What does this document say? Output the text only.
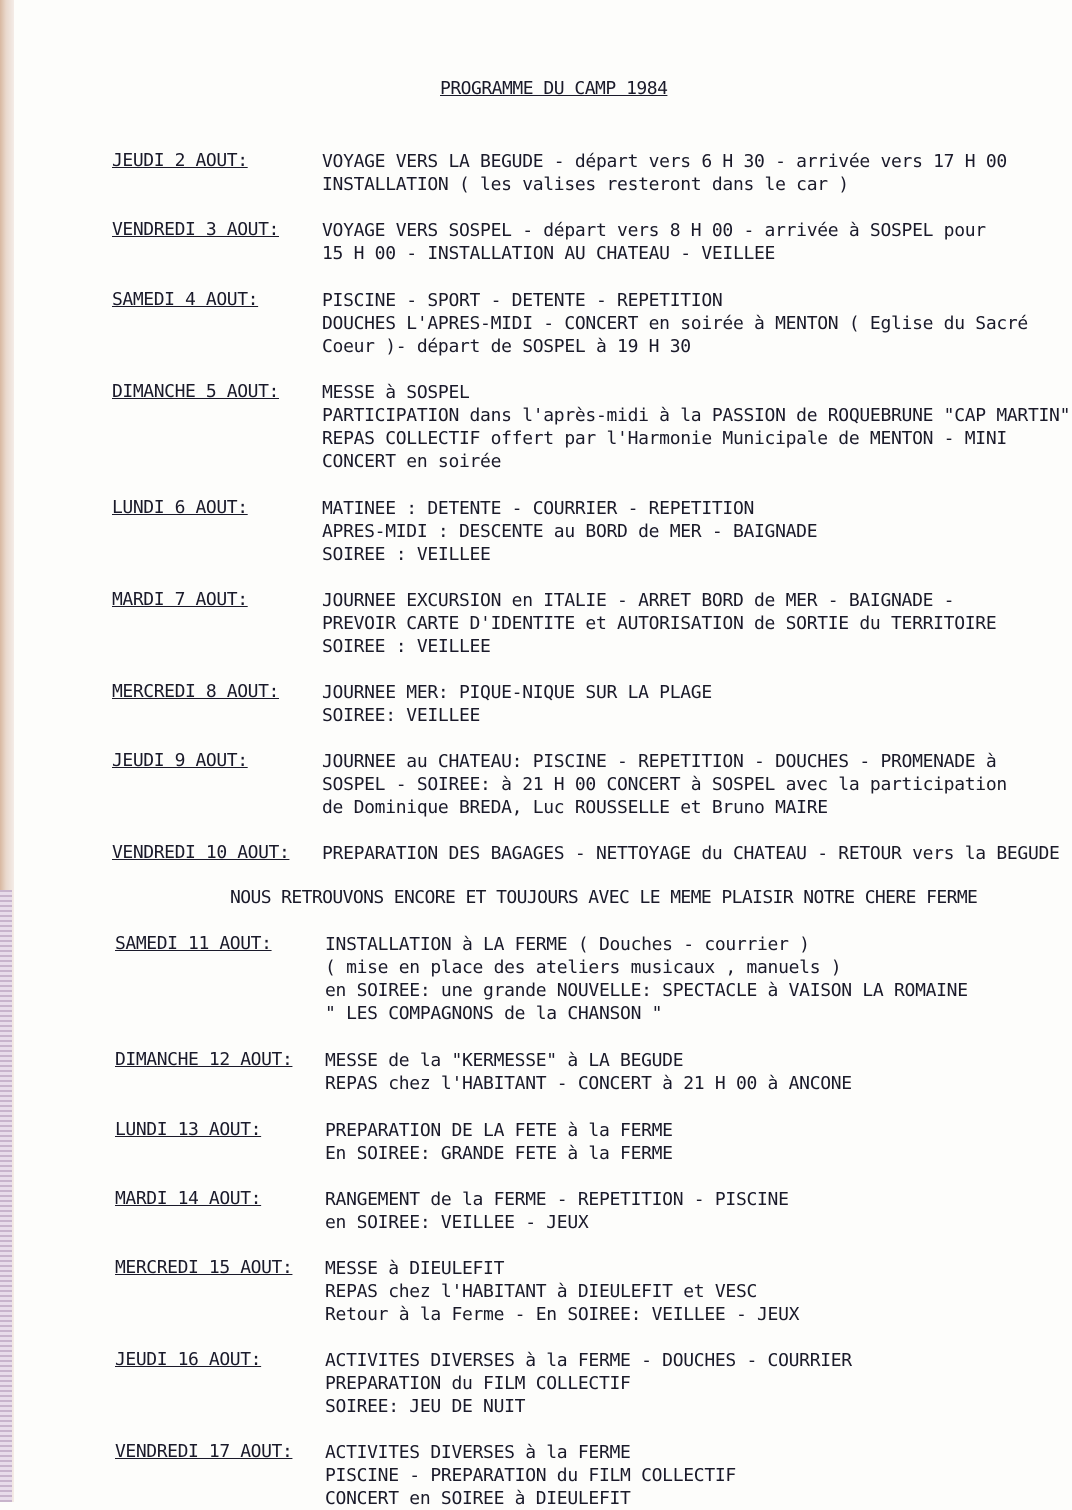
PROGRAMME DU CAMP 1984
JEUDI 2 AOUT:	VOYAGE VERS LA BEGUDE - départ vers 6 H 30 - arrivée vers 17 H 00
INSTALLATION ( les valises resteront dans le car )
VENDREDI 3 AOUT: VOYAGE VERS SOSPEL - départ vers 8 H 00 - arrivée à SOSPEL pour
15 H 00 - INSTALLATION AU CHATEAU - VEILLEE
SAMEDI 4 AOUT:	PISCINE - SPORT - DETENTE - REPETITION
DOUCHES L'APRES-MIDI - CONCERT en soirée à MENTON ( Eglise du Sacré
Coeur )- départ de SOSPEL à 19 H 30
DIMANCHE 5 AOUT: MESSE à SOSPEL
PARTICIPATION dans l'après-midi à la PASSION de ROQUEBRUNE "CAP MARTIN"
REPAS COLLECTIF offert par l'Harmonie Municipale de MENTON - MINI
CONCERT en soirée
LUNDI 6 AOUT:	MATINEE : DETENTE - COURRIER - REPETITION
APRES-MIDI : DESCENTE au BORD de MER - BAIGNADE
SOIREE : VEILLEE
MARDI 7 AOUT:	JOURNEE EXCURSION en ITALIE - ARRET BORD de MER - BAIGNADE -
PREVOIR CARTE D'IDENTITE et AUTORISATION de SORTIE du TERRITOIRE
SOIREE : VEILLEE
MERCREDI 8 AOUT: JOURNEE MER: PIQUE-NIQUE SUR LA PLAGE
SOIREE: VEILLEE
JEUDI 9 AOUT:	JOURNEE au CHATEAU: PISCINE - REPETITION - DOUCHES - PROMENADE à
SOSPEL - SOIREE: à 21 H 00 CONCERT à SOSPEL avec la participation
de Dominique BREDA, Luc ROUSSELLE et Bruno MAIRE
VENDREDI 10 AOUT: PREPARATION DES BAGAGES - NETTOYAGE du CHATEAU - RETOUR vers la BEGUDE
NOUS RETROUVONS ENCORE ET TOUJOURS AVEC LE MEME PLAISIR NOTRE CHERE FERME
SAMEDI 11 AOUT:	INSTALLATION à LA FERME ( Douches - courrier )
( mise en place des ateliers musicaux , manuels )
en SOIREE: une grande NOUVELLE: SPECTACLE à VAISON LA ROMAINE
" LES COMPAGNONS de la CHANSON "
DIMANCHE 12 AOUT: MESSE de la "KERMESSE" à LA BEGUDE
REPAS chez l'HABITANT - CONCERT à 21 H 00 à ANCONE
LUNDI 13 AOUT:	PREPARATION DE LA FETE à la FERME
En SOIREE: GRANDE FETE à la FERME
MARDI 14 AOUT:	RANGEMENT de la FERME - REPETITION - PISCINE
en SOIREE: VEILLEE - JEUX
MERCREDI 15 AOUT: MESSE à DIEULEFIT
REPAS chez l'HABITANT à DIEULEFIT et VESC
Retour à la Ferme - En SOIREE: VEILLEE - JEUX
JEUDI 16 AOUT:	ACTIVITES DIVERSES à la FERME - DOUCHES - COURRIER
PREPARATION du FILM COLLECTIF
SOIREE: JEU DE NUIT
VENDREDI 17 AOUT: ACTIVITES DIVERSES à la FERME
PISCINE - PREPARATION du FILM COLLECTIF
CONCERT en SOIREE à DIEULEFIT
